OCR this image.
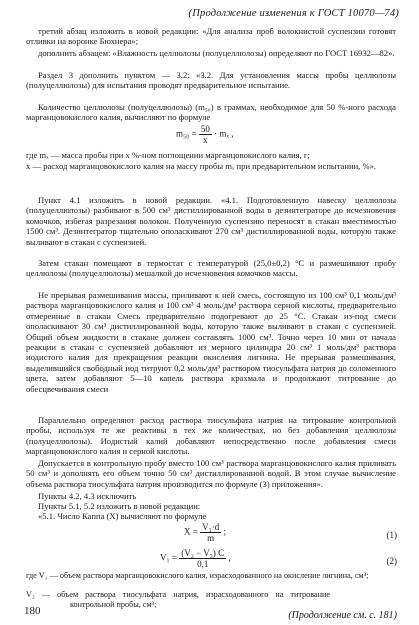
(Продолжение изменения к ГОСТ 10070—74)
третий абзац изложить в новой редакции: «Для анализа проб волокнистой суспензии готовят отливки на воронке Бюхнера»;
дополнить абзацем: «Влажность целлюлозы (полуцеллюлозы) определяют по ГОСТ 16932—82».
Раздел 3 дополнить пунктом — 3.2: «3.2. Для установления массы пробы целлюлозы (полуцеллюлозы) для испытания проводят предварительное испытание.
Количество целлюлозы (полуцеллюлозы) (m₅₀) в граммах, необходимое для 50 %-ного расхода марганцовокислого калия, вычисляют по формуле
$m_{50} = \frac{50}{x} \cdot m_x$ ,
где mₓ — масса пробы при x %-ном поглощении марганцовокислого калия, г;
x — расход марганцовокислого калия на массу пробы mₓ при предварительном испытании, %».
Пункт 4.1 изложить в новой редакции. «4.1. Подготовленную навеску целлюлозы (полуцеллюлозы) разбивают в 500 см³ дистиллированной воды в дезинтеграторе до исчезновения комочков, избегая разрезания волокон. Полученную суспензию переносят в стакан вместимостью 1500 см³. Дезинтегратор тщательно ополаскивают 270 см³ дистиллированной воды, которую также выливают в стакан с суспензией.
Затем стакан помещают в термостат с температурой (25,0±0,2) °С и размешивают пробу целлюлозы (полуцеллюлозы) мешалкой до исчезновения комочков массы.
Не прерывая размешивания массы, приливают к ней смесь, состоящую из 100 см³ 0,1 моль/дм³ раствора марганцовокислого калия и 100 см³ 4 моль/дм³ раствора серной кислоты, предварительно отмеренные в стакан Смесь предварительно подогревают до 25 °С. Стакан из-под смеси ополаскивают 30 см³ дистиллированной воды, которую также выливают в стакан с суспензией. Общий объем жидкости в стакане должен составлять 1000 см³. Точно через 10 мин от начала реакции в стакан с суспензией добавляют из мерного цилиндра 20 см³ 1 моль/дм³ раствора иодистого калия для прекращения реакции окисления лигнина. Не прерывая размешивания, выделившийся свободный иод титруют 0,2 моль/дм³ раствором тиосульфата натрия до соломенного цвета, затем добавляют 5—10 капель раствора крахмала и продолжают титрование до обесцвечивания смеси
Параллельно определяют расход раствора тиосульфата натрия на титрование контрольной пробы, используя те же реактивы в тех же количествах, но без добавления целлюлозы (полуцеллюлозы). Иодистый калий добавляют непосредственно после добавления смеси марганцовокислого калия и серной кислоты.
Допускается в контрольную пробу вместо 100 см³ раствора марганцовокислого калия приливать 50 см³ и дополнять его объем точно 50 см³ дистиллированной водой. В этом случае вычисление объема раствора тиосульфата натрия производится по формуле (3) приложения».
Пункты 4.2, 4.3 исключить
Пункты 5.1, 5.2 изложить в новой редакции:
«5.1. Число Каппа (X) вычисляют по формуле
$X = \frac{\text{V₁·d}}{m}$ ;	(1)
$V_1 = \frac{\text{(V₂ − V₃) C}}{0,1}$ ,	(2)
где V₁ — объем раствора марганцовокислого калия, израсходованного на окисление лигнина, см³;
V₂ — объем раствора тиосульфата натрия, израсходованного на титрование контрольной пробы, см³;
(Продолжение см. с. 181)
180
